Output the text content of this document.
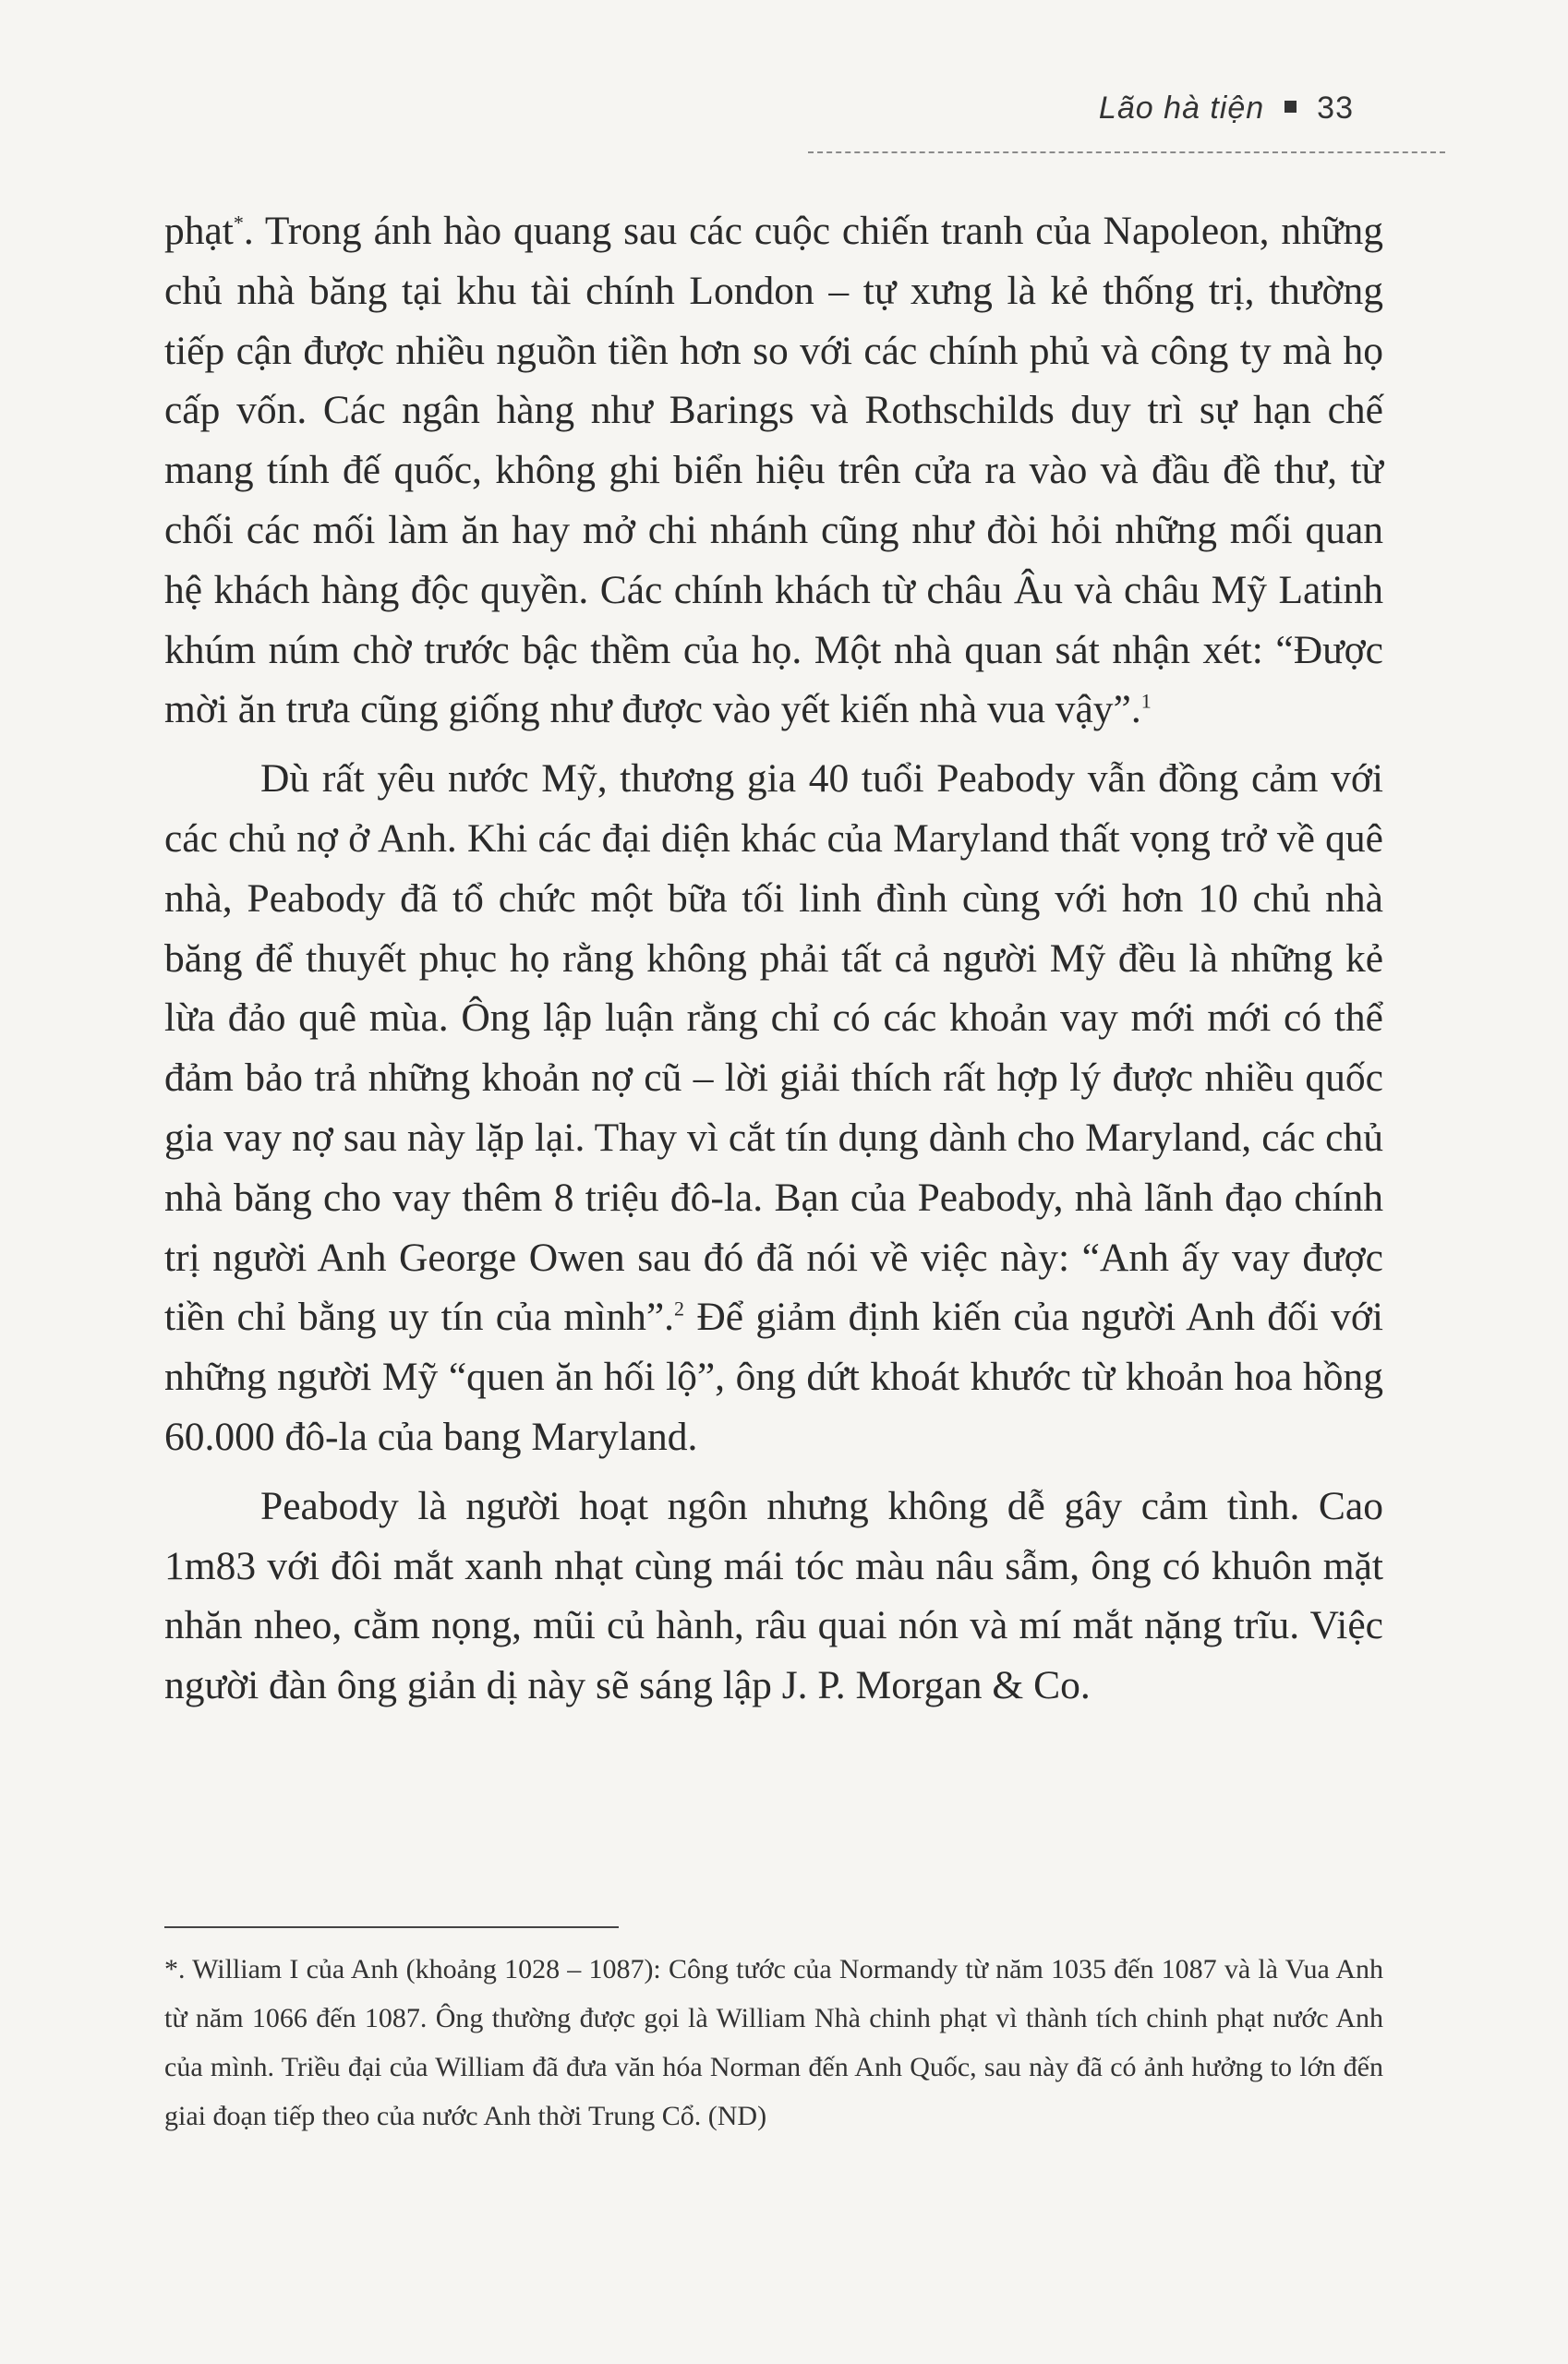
Lão hà tiện 33

phạt*. Trong ánh hào quang sau các cuộc chiến tranh của Napoleon, những chủ nhà băng tại khu tài chính London – tự xưng là kẻ thống trị, thường tiếp cận được nhiều nguồn tiền hơn so với các chính phủ và công ty mà họ cấp vốn. Các ngân hàng như Barings và Rothschilds duy trì sự hạn chế mang tính đế quốc, không ghi biển hiệu trên cửa ra vào và đầu đề thư, từ chối các mối làm ăn hay mở chi nhánh cũng như đòi hỏi những mối quan hệ khách hàng độc quyền. Các chính khách từ châu Âu và châu Mỹ Latinh khúm núm chờ trước bậc thềm của họ. Một nhà quan sát nhận xét: “Được mời ăn trưa cũng giống như được vào yết kiến nhà vua vậy”.$^1$

Dù rất yêu nước Mỹ, thương gia 40 tuổi Peabody vẫn đồng cảm với các chủ nợ ở Anh. Khi các đại diện khác của Maryland thất vọng trở về quê nhà, Peabody đã tổ chức một bữa tối linh đình cùng với hơn 10 chủ nhà băng để thuyết phục họ rằng không phải tất cả người Mỹ đều là những kẻ lừa đảo quê mùa. Ông lập luận rằng chỉ có các khoản vay mới mới có thể đảm bảo trả những khoản nợ cũ – lời giải thích rất hợp lý được nhiều quốc gia vay nợ sau này lặp lại. Thay vì cắt tín dụng dành cho Maryland, các chủ nhà băng cho vay thêm 8 triệu đô-la. Bạn của Peabody, nhà lãnh đạo chính trị người Anh George Owen sau đó đã nói về việc này: “Anh ấy vay được tiền chỉ bằng uy tín của mình”.$^2$ Để giảm định kiến của người Anh đối với những người Mỹ “quen ăn hối lộ”, ông dứt khoát khước từ khoản hoa hồng 60.000 đô-la của bang Maryland.

Peabody là người hoạt ngôn nhưng không dễ gây cảm tình. Cao 1m83 với đôi mắt xanh nhạt cùng mái tóc màu nâu sẫm, ông có khuôn mặt nhăn nheo, cằm nọng, mũi củ hành, râu quai nón và mí mắt nặng trĩu. Việc người đàn ông giản dị này sẽ sáng lập J. P. Morgan & Co.

*. William I của Anh (khoảng 1028 – 1087): Công tước của Normandy từ năm 1035 đến 1087 và là Vua Anh từ năm 1066 đến 1087. Ông thường được gọi là William Nhà chinh phạt vì thành tích chinh phạt nước Anh của mình. Triều đại của William đã đưa văn hóa Norman đến Anh Quốc, sau này đã có ảnh hưởng to lớn đến giai đoạn tiếp theo của nước Anh thời Trung Cổ. (ND)
